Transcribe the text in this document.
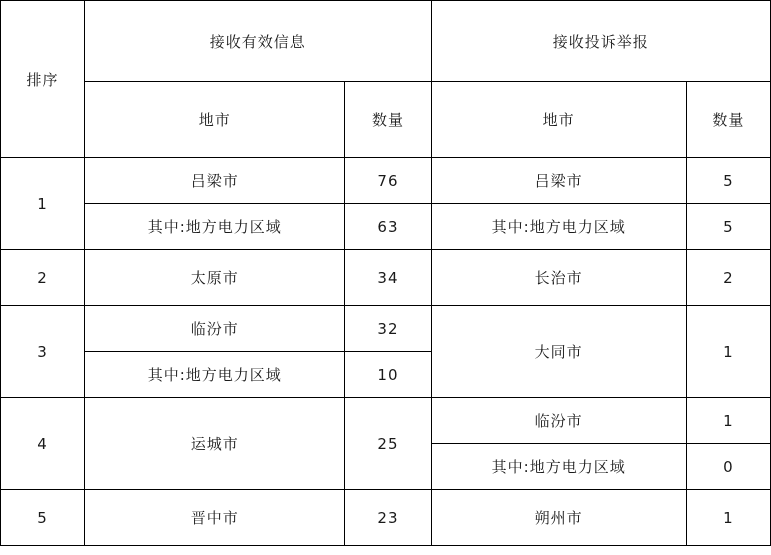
排序	接收有效信息		接收投诉举报	
	地市	数量	地市	数量
1	吕梁市	76	吕梁市	5
	其中:地方电力区域	63	其中:地方电力区域	5
2	太原市	34	长治市	2
3	临汾市	32	大同市	1
	其中:地方电力区域	10		
4	运城市	25	临汾市	1
			其中:地方电力区域	0
5	晋中市	23	朔州市	1
